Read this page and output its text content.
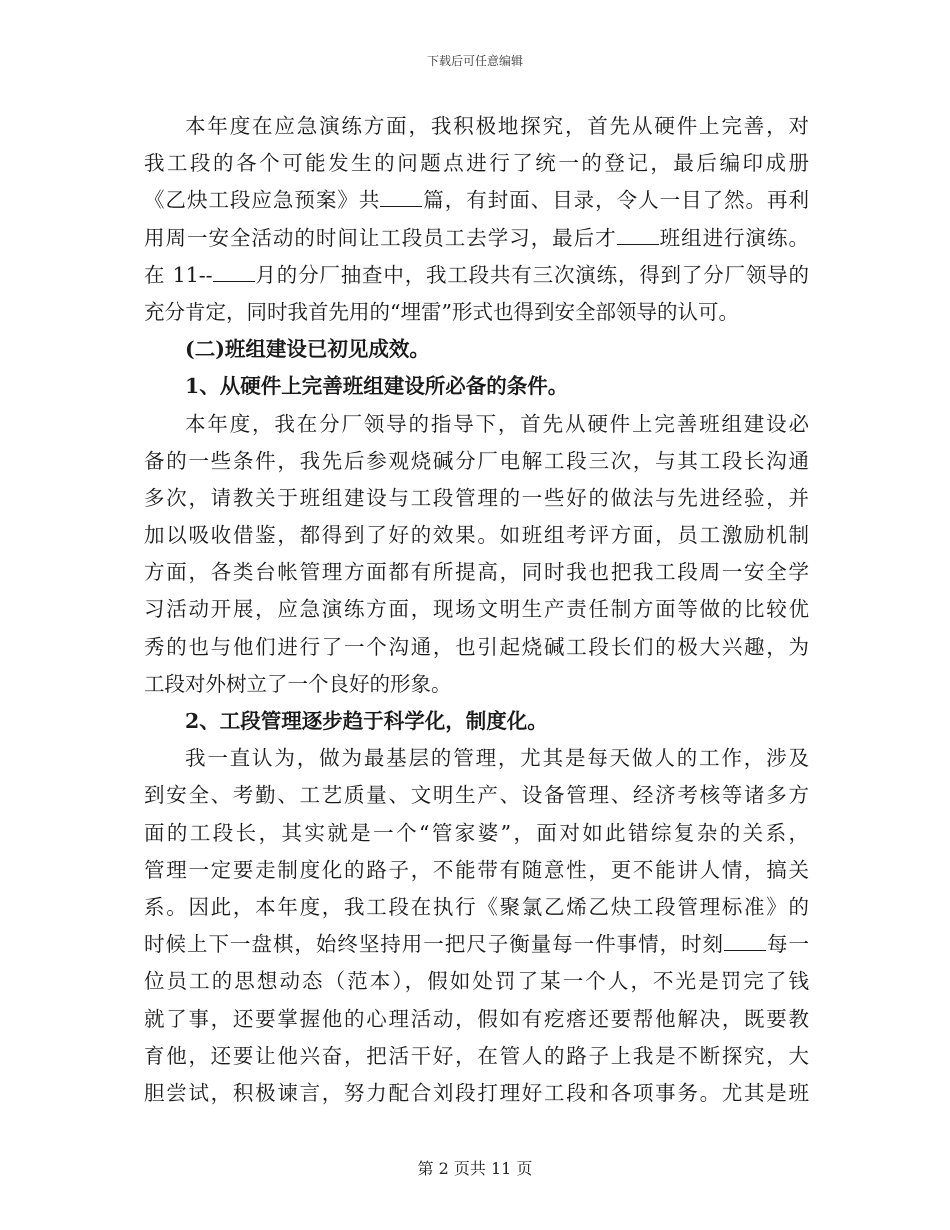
下载后可任意编辑
本年度在应急演练方面，我积极地探究，首先从硬件上完善，对
我工段的各个可能发生的问题点进行了统一的登记，最后编印成册
《乙炔工段应急预案》共 篇，有封面、目录，令人一目了然。再利
用周一安全活动的时间让工段员工去学习，最后才 班组进行演练。
在 11-- 月的分厂抽查中，我工段共有三次演练，得到了分厂领导的
充分肯定，同时我首先用的“埋雷”形式也得到安全部领导的认可。
(二)班组建设已初见成效。
1、从硬件上完善班组建设所必备的条件。
本年度，我在分厂领导的指导下，首先从硬件上完善班组建设必
备的一些条件，我先后参观烧碱分厂电解工段三次，与其工段长沟通
多次，请教关于班组建设与工段管理的一些好的做法与先进经验，并
加以吸收借鉴，都得到了好的效果。如班组考评方面，员工激励机制
方面，各类台帐管理方面都有所提高，同时我也把我工段周一安全学
习活动开展，应急演练方面，现场文明生产责任制方面等做的比较优
秀的也与他们进行了一个沟通，也引起烧碱工段长们的极大兴趣，为
工段对外树立了一个良好的形象。
2、工段管理逐步趋于科学化，制度化。
我一直认为，做为最基层的管理，尤其是每天做人的工作，涉及
到安全、考勤、工艺质量、文明生产、设备管理、经济考核等诸多方
面的工段长，其实就是一个“管家婆”，面对如此错综复杂的关系，
管理一定要走制度化的路子，不能带有随意性，更不能讲人情，搞关
系。因此，本年度，我工段在执行《聚氯乙烯乙炔工段管理标准》的
时候上下一盘棋，始终坚持用一把尺子衡量每一件事情，时刻 每一
位员工的思想动态（范本），假如处罚了某一个人，不光是罚完了钱
就了事，还要掌握他的心理活动，假如有疙瘩还要帮他解决，既要教
育他，还要让他兴奋，把活干好，在管人的路子上我是不断探究，大
胆尝试，积极谏言，努力配合刘段打理好工段和各项事务。尤其是班
第 2 页共 11 页
